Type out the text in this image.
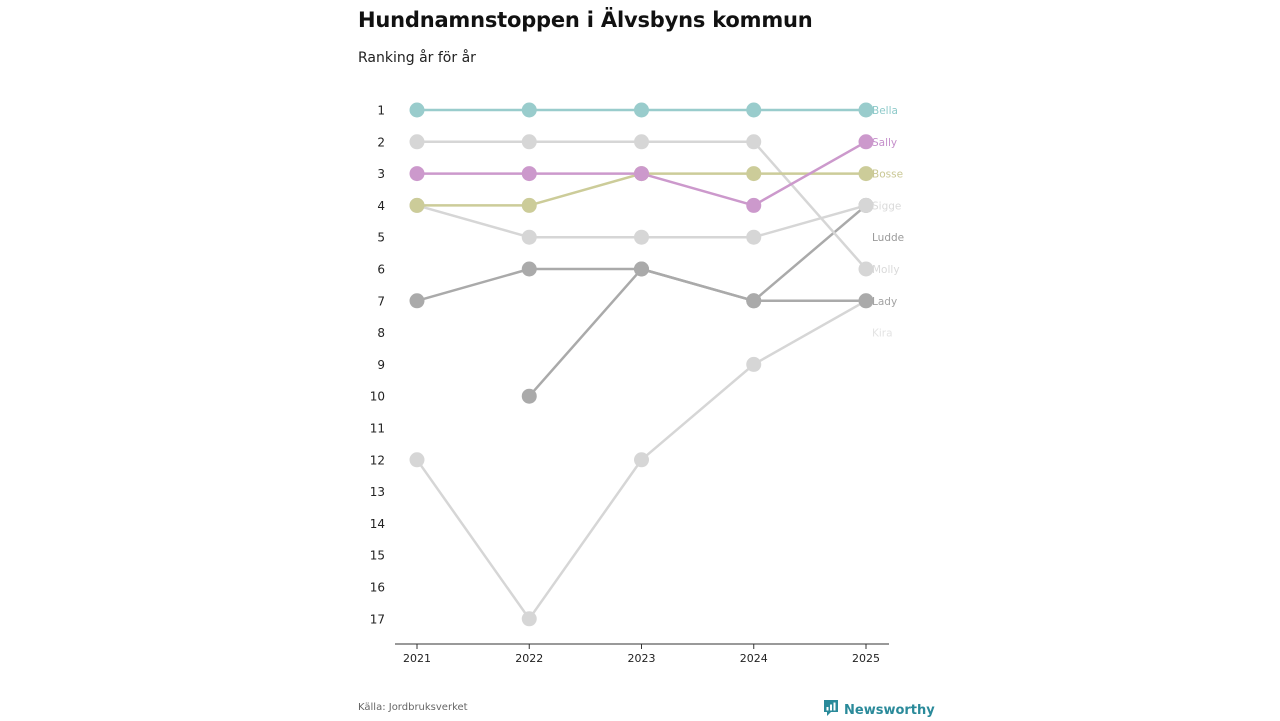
Hundnamnstoppen i Älvsbyns kommun
Ranking år för år
1
2
3
4
5
6
7
8
9
10
11
12
13
14
15
16
17
Bella
Sally
Bosse
Sigge
Ludde
Molly
Lady
Kira
2021	2022	2023	2024	2025
Källa: Jordbruksverket	Newsworthy
